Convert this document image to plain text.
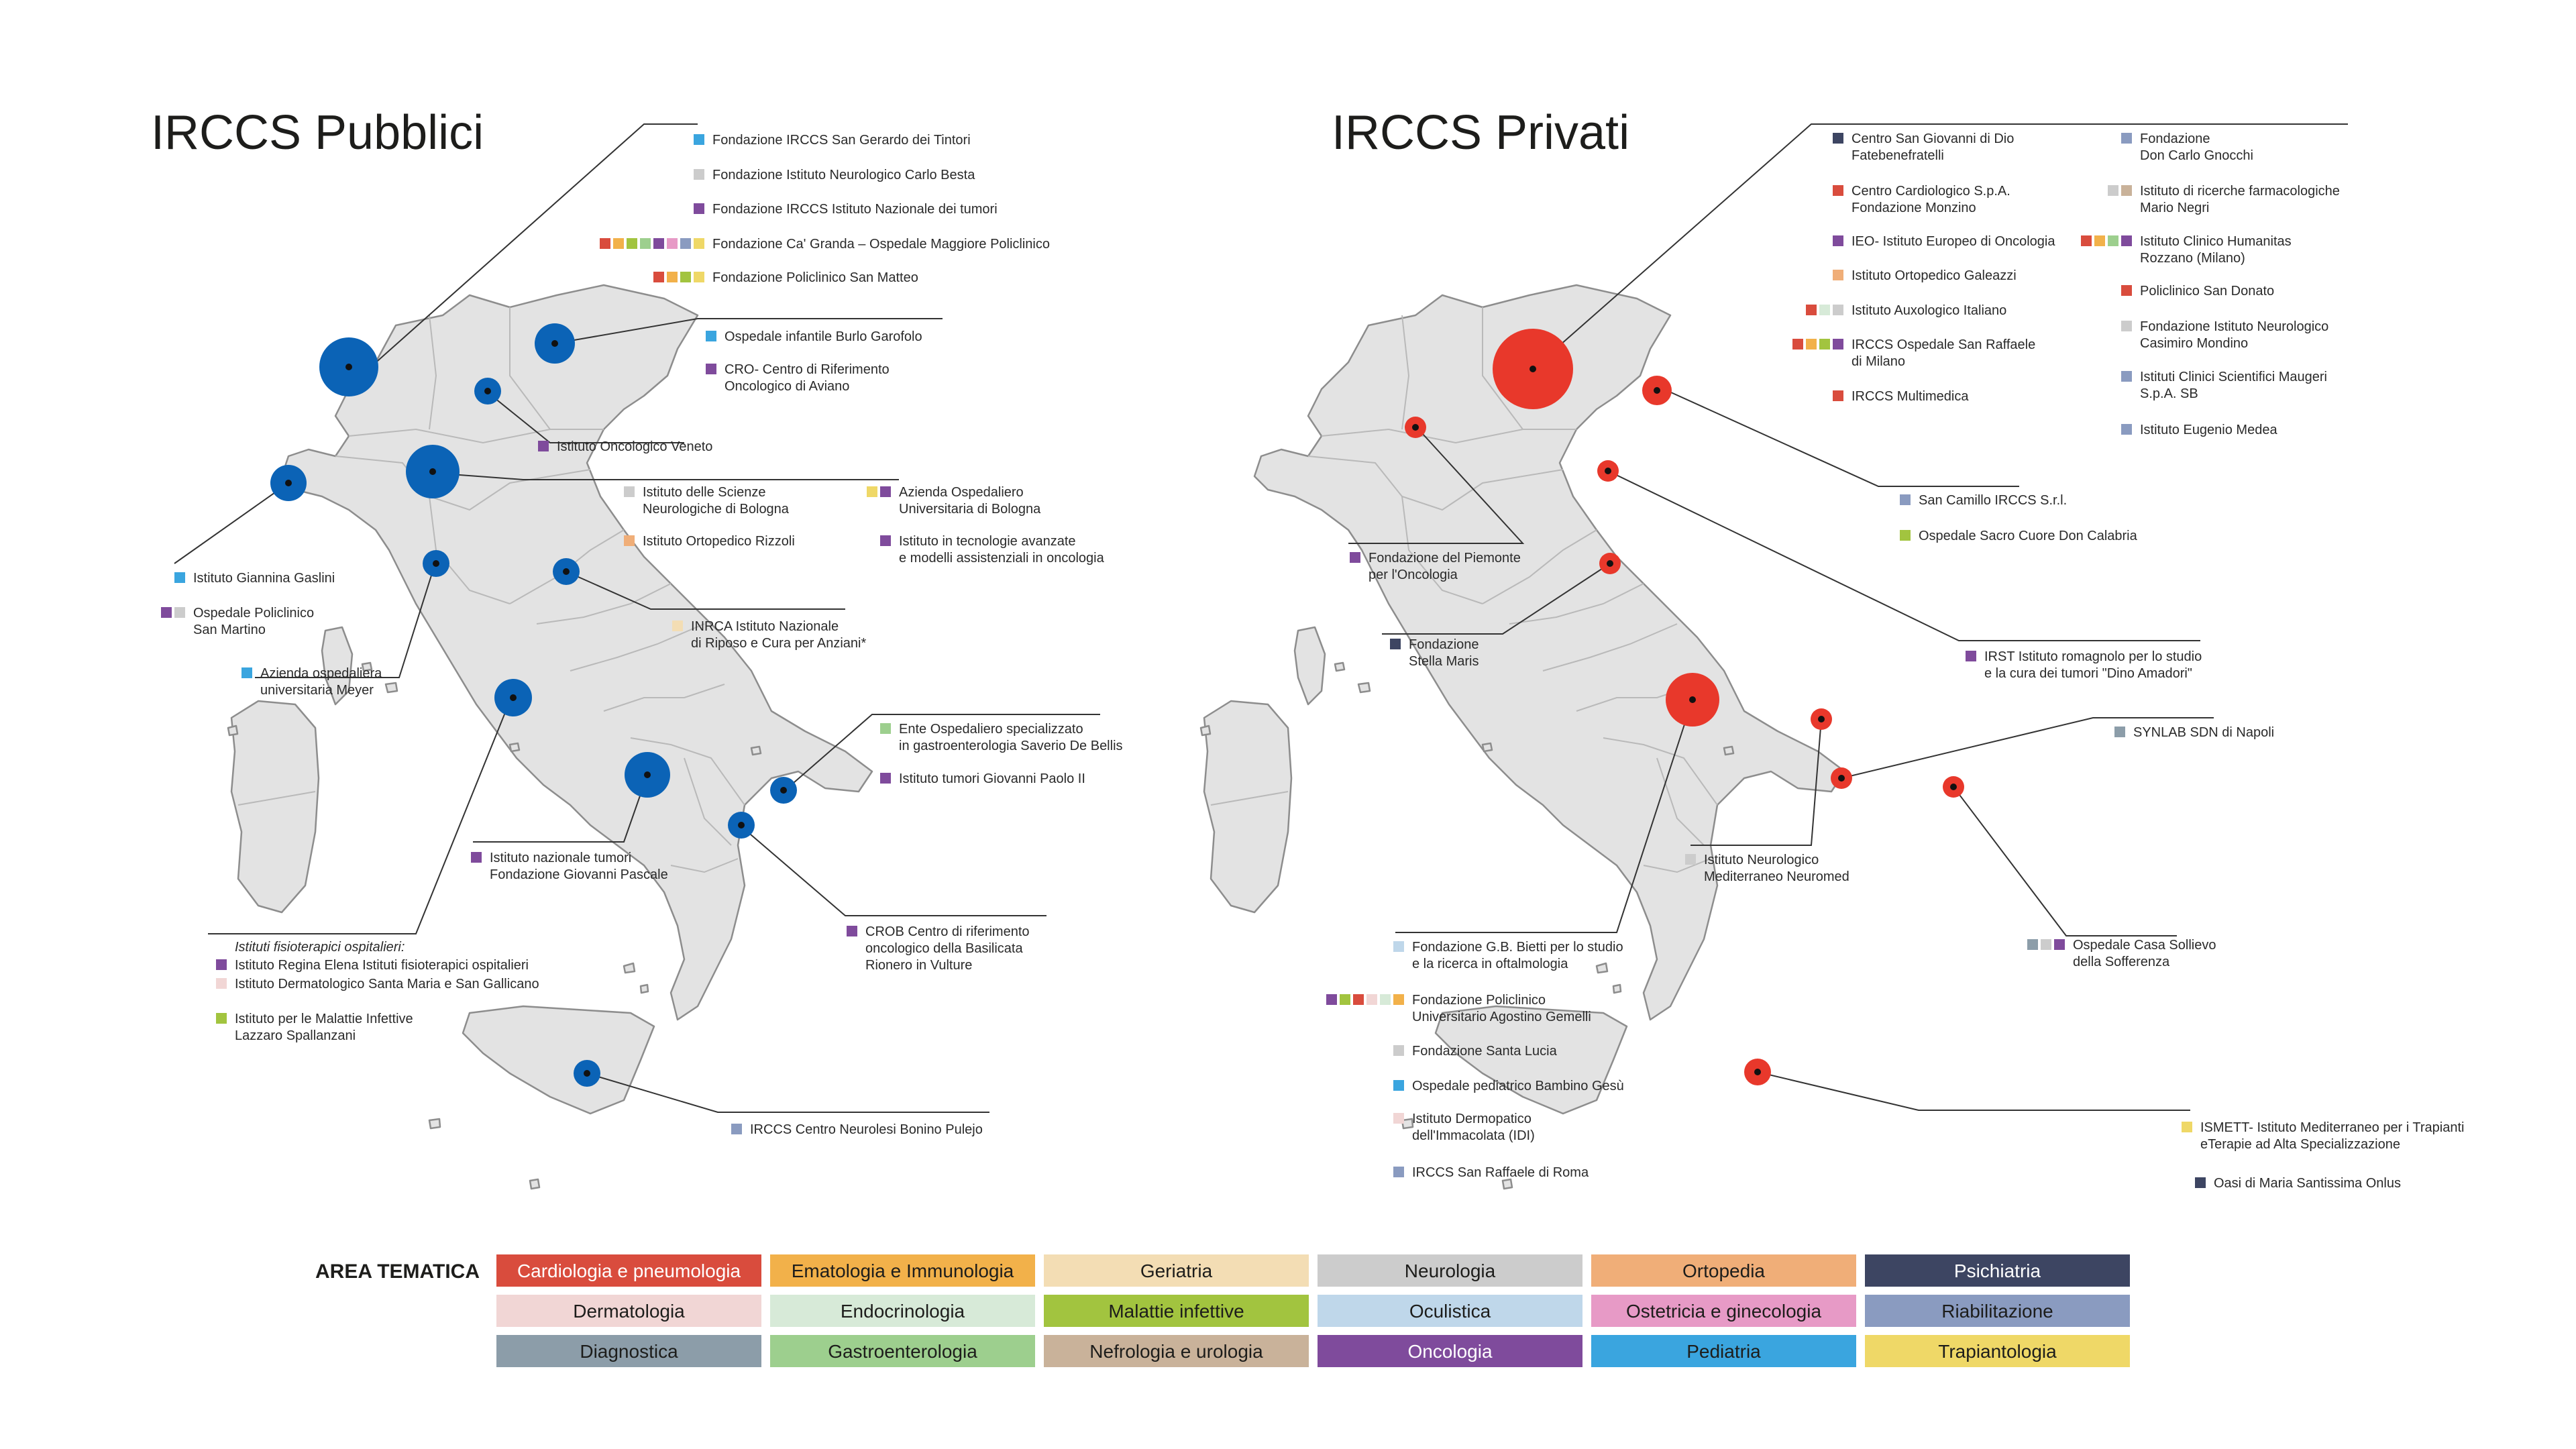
IRCCS Pubblici	IRCCS Privati
Fondazione IRCCS San Gerardo dei Tintori
Fondazione Istituto Neurologico Carlo Besta
Fondazione IRCCS Istituto Nazionale dei tumori
Fondazione Ca' Granda – Ospedale Maggiore Policlinico
Fondazione Policlinico San Matteo
Ospedale infantile Burlo Garofolo
CRO- Centro di Riferimento
Oncologico di Aviano
Istituto Oncologico Veneto
Istituto delle Scienze
Neurologiche di Bologna
Istituto Ortopedico Rizzoli
Azienda Ospedaliero
Universitaria di Bologna
Istituto in tecnologie avanzate
e modelli assistenziali in oncologia
Istituto Giannina Gaslini
Ospedale Policlinico
San Martino	INRCA Istituto Nazionale
di Riposo e Cura per Anziani*
Azienda ospedaliera
universitaria Meyer
Ente Ospedaliero specializzato
in gastroenterologia Saverio De Bellis
Istituto tumori Giovanni Paolo II
Istituto nazionale tumori
Fondazione Giovanni Pascale
Istituti fisioterapici ospitalieri:
Istituto Regina Elena Istituti fisioterapici ospitalieri
Istituto Dermatologico Santa Maria e San Gallicano
Istituto per le Malattie Infettive
Lazzaro Spallanzani
CROB Centro di riferimento
oncologico della Basilicata
Rionero in Vulture
IRCCS Centro Neurolesi Bonino Pulejo
Centro San Giovanni di Dio
Fatebenefratelli
Centro Cardiologico S.p.A.
Fondazione Monzino
IEO- Istituto Europeo di Oncologia
Istituto Ortopedico Galeazzi
Istituto Auxologico Italiano
IRCCS Ospedale San Raffaele
di Milano
IRCCS Multimedica
Fondazione
Don Carlo Gnocchi
Istituto di ricerche farmacologiche
Mario Negri
Istituto Clinico Humanitas
Rozzano (Milano)
Policlinico San Donato
Fondazione Istituto Neurologico
Casimiro Mondino
Istituti Clinici Scientifici Maugeri
S.p.A. SB
Istituto Eugenio Medea
San Camillo IRCCS S.r.l.
Ospedale Sacro Cuore Don Calabria
Fondazione del Piemonte
per l'Oncologia
Fondazione
Stella Maris	IRST Istituto romagnolo per lo studio
e la cura dei tumori "Dino Amadori"
SYNLAB SDN di Napoli
Istituto Neurologico
Mediterraneo Neuromed
Ospedale Casa Sollievo
della Sofferenza
Fondazione G.B. Bietti per lo studio
e la ricerca in oftalmologia
Fondazione Policlinico
Universitario Agostino Gemelli
Fondazione Santa Lucia
Ospedale pediatrico Bambino Gesù
Istituto Dermopatico
dell'Immacolata (IDI)
IRCCS San Raffaele di Roma
ISMETT- Istituto Mediterraneo per i Trapianti
eTerapie ad Alta Specializzazione
Oasi di Maria Santissima Onlus
AREA TEMATICA Cardiologia e pneumologia	Ematologia e Immunologia	Geriatria	Neurologia	Ortopedia	Psichiatria
Dermatologia	Endocrinologia	Malattie infettive	Oculistica	Ostetricia e ginecologia	Riabilitazione
Diagnostica	Gastroenterologia	Nefrologia e urologia	Oncologia	Pediatria	Trapiantologia
